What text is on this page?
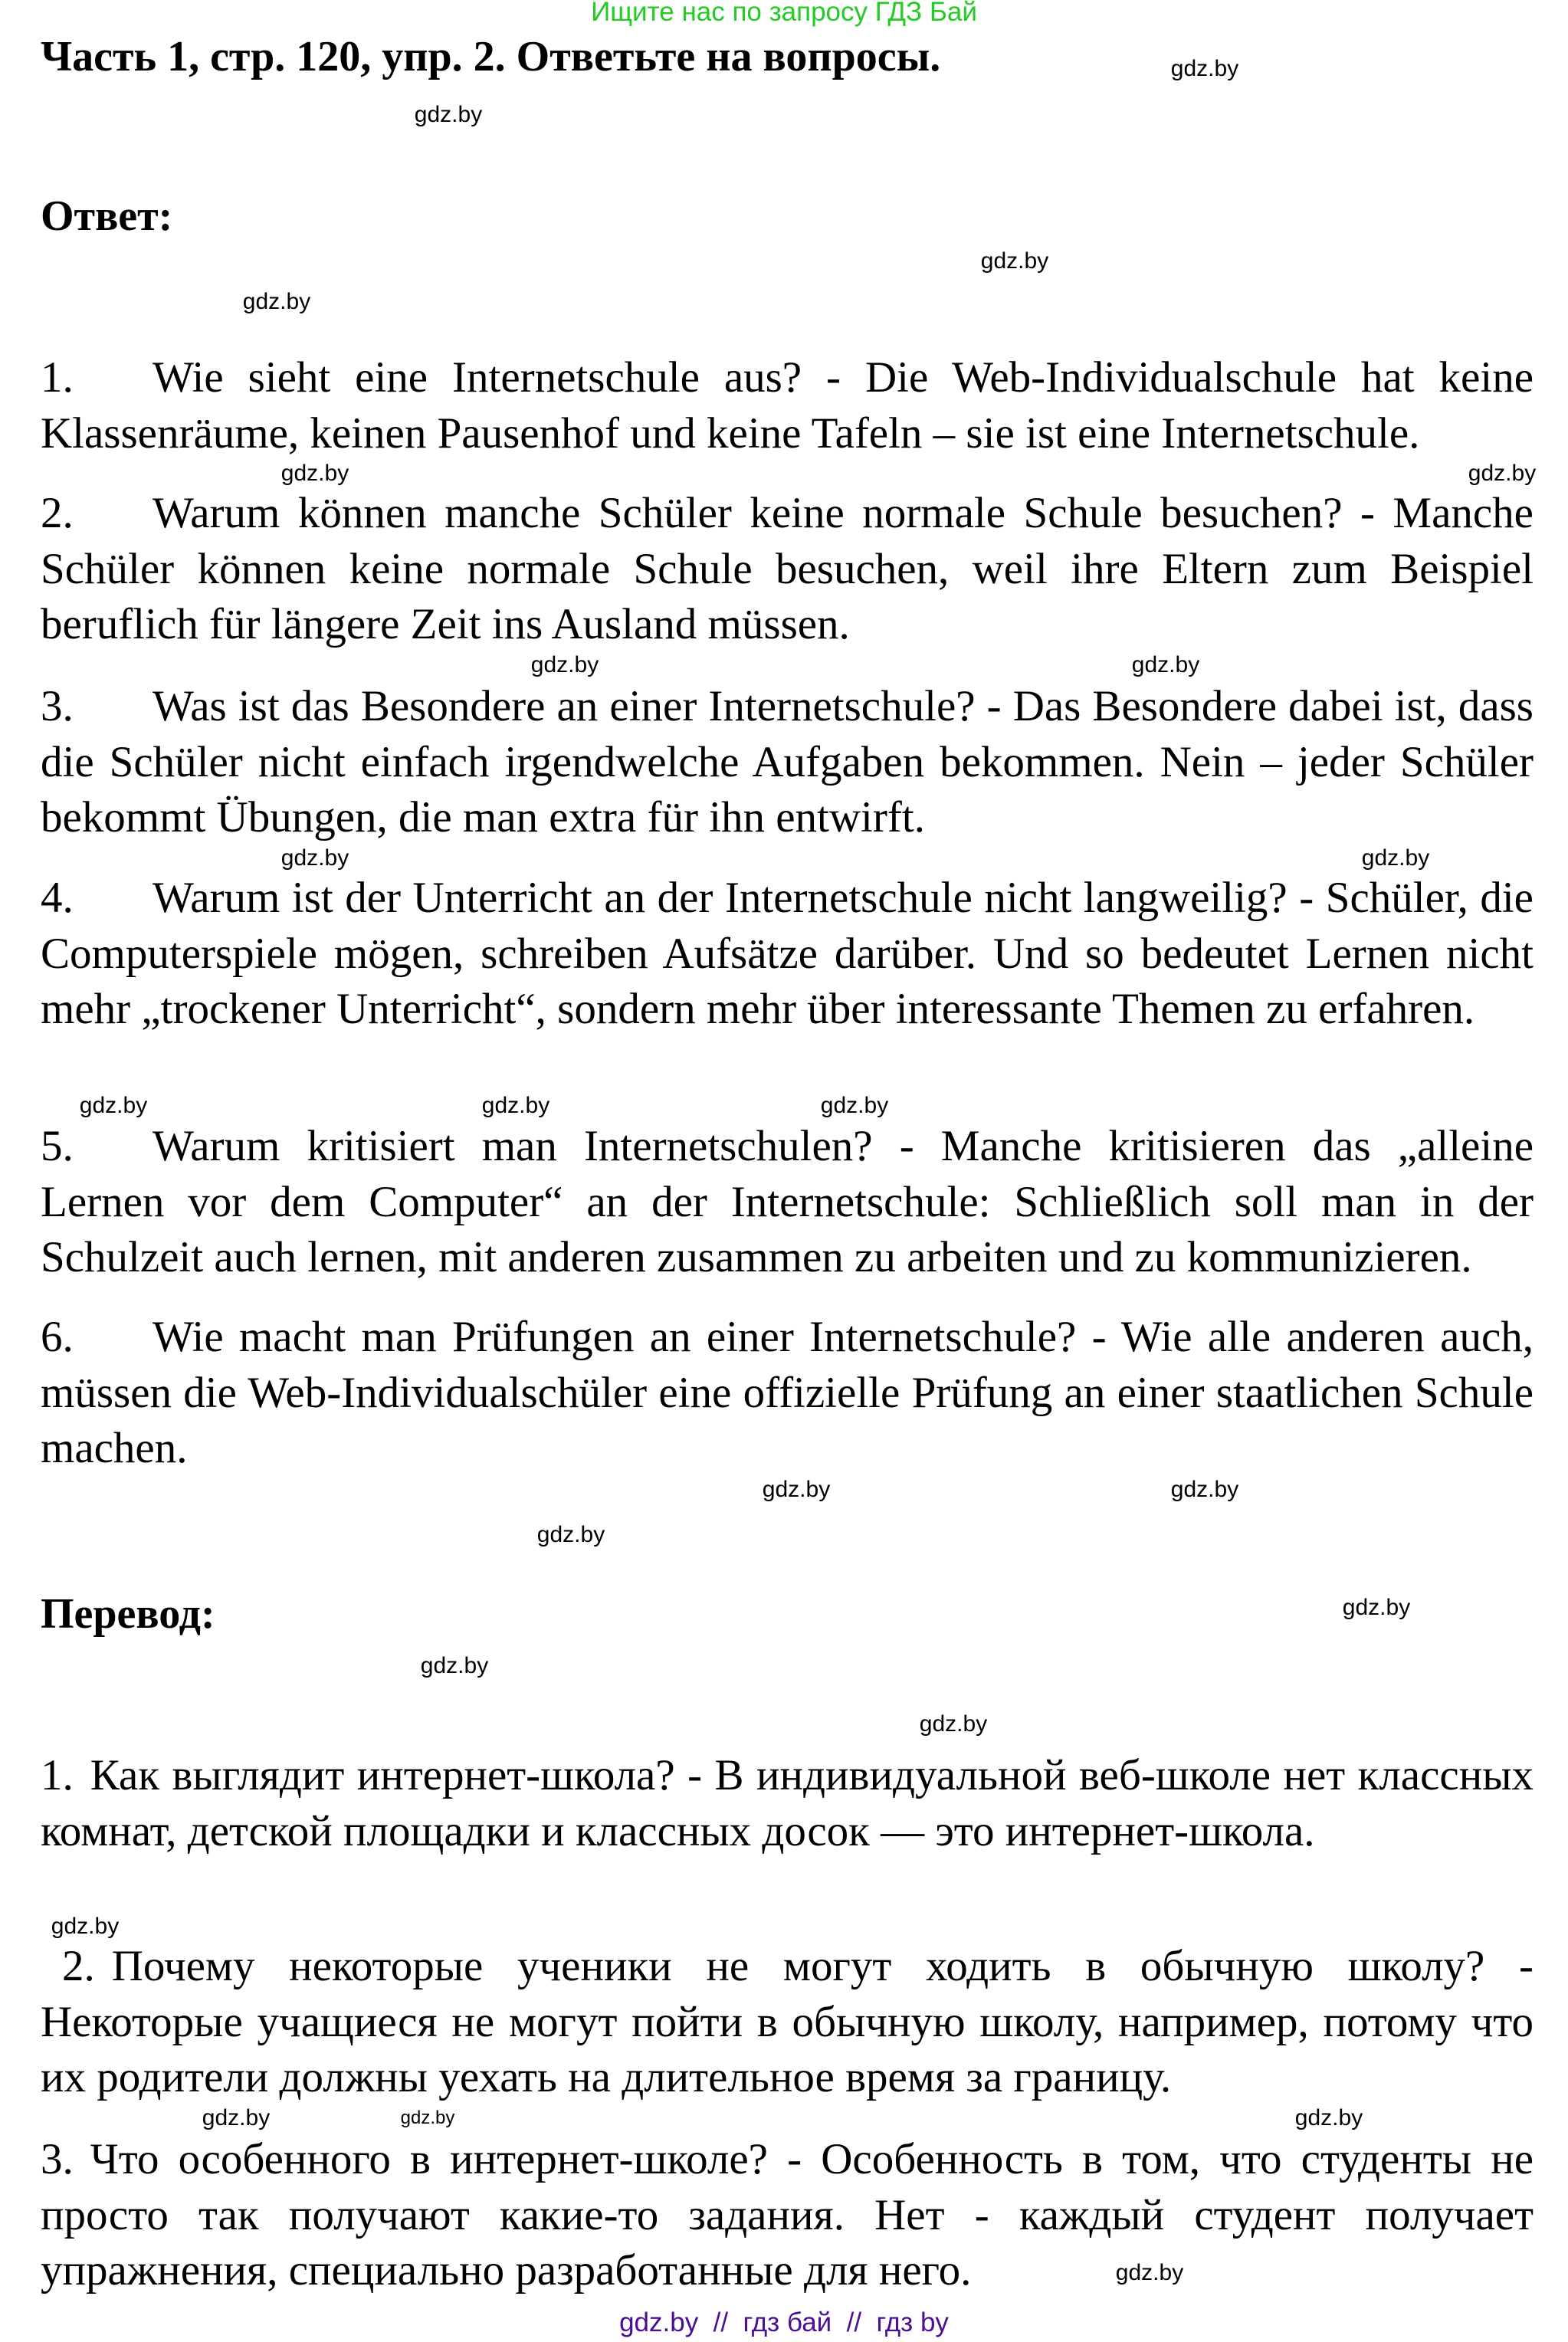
Ищите нас по запросу ГДЗ Бай
Часть 1, стр. 120, упр. 2. Ответьте на вопросы.
Ответ:
1. Wie sieht eine Internetschule aus? - Die Web-Individualschule hat keine Klassenräume, keinen Pausenhof und keine Tafeln – sie ist eine Internetschule.
2. Warum können manche Schüler keine normale Schule besuchen? - Manche Schüler können keine normale Schule besuchen, weil ihre Eltern zum Beispiel beruflich für längere Zeit ins Ausland müssen.
3. Was ist das Besondere an einer Internetschule? - Das Besondere dabei ist, dass die Schüler nicht einfach irgendwelche Aufgaben bekommen. Nein – jeder Schüler bekommt Übungen, die man extra für ihn entwirft.
4. Warum ist der Unterricht an der Internetschule nicht langweilig? - Schüler, die Computerspiele mögen, schreiben Aufsätze darüber. Und so bedeutet Lernen nicht mehr „trockener Unterricht“, sondern mehr über interessante Themen zu erfahren.
5. Warum kritisiert man Internetschulen? - Manche kritisieren das „alleine Lernen vor dem Computer“ an der Internetschule: Schließlich soll man in der Schulzeit auch lernen, mit anderen zusammen zu arbeiten und zu kommunizieren.
6. Wie macht man Prüfungen an einer Internetschule? - Wie alle anderen auch, müssen die Web-Individualschüler eine offizielle Prüfung an einer staatlichen Schule machen.
Перевод:
1. Как выглядит интернет-школа? - В индивидуальной веб-школе нет классных комнат, детской площадки и классных досок — это интернет-школа.
2. Почему некоторые ученики не могут ходить в обычную школу? - Некоторые учащиеся не могут пойти в обычную школу, например, потому что их родители должны уехать на длительное время за границу.
3. Что особенного в интернет-школе? - Особенность в том, что студенты не просто так получают какие-то задания. Нет - каждый студент получает упражнения, специально разработанные для него.
gdz.by
gdz.by
gdz.by
gdz.by
gdz.by
gdz.by
gdz.by
gdz.by
gdz.by
gdz.by
gdz.by	gdz.by
gdz.by
gdz.by
gdz.by
gdz.by
gdz.by
gdz.by
gdz.by
gdz.by
gdz.by
gdz.by	gdz.by
gdz.by
gdz.by  //  гдз бай  //  гдз by
